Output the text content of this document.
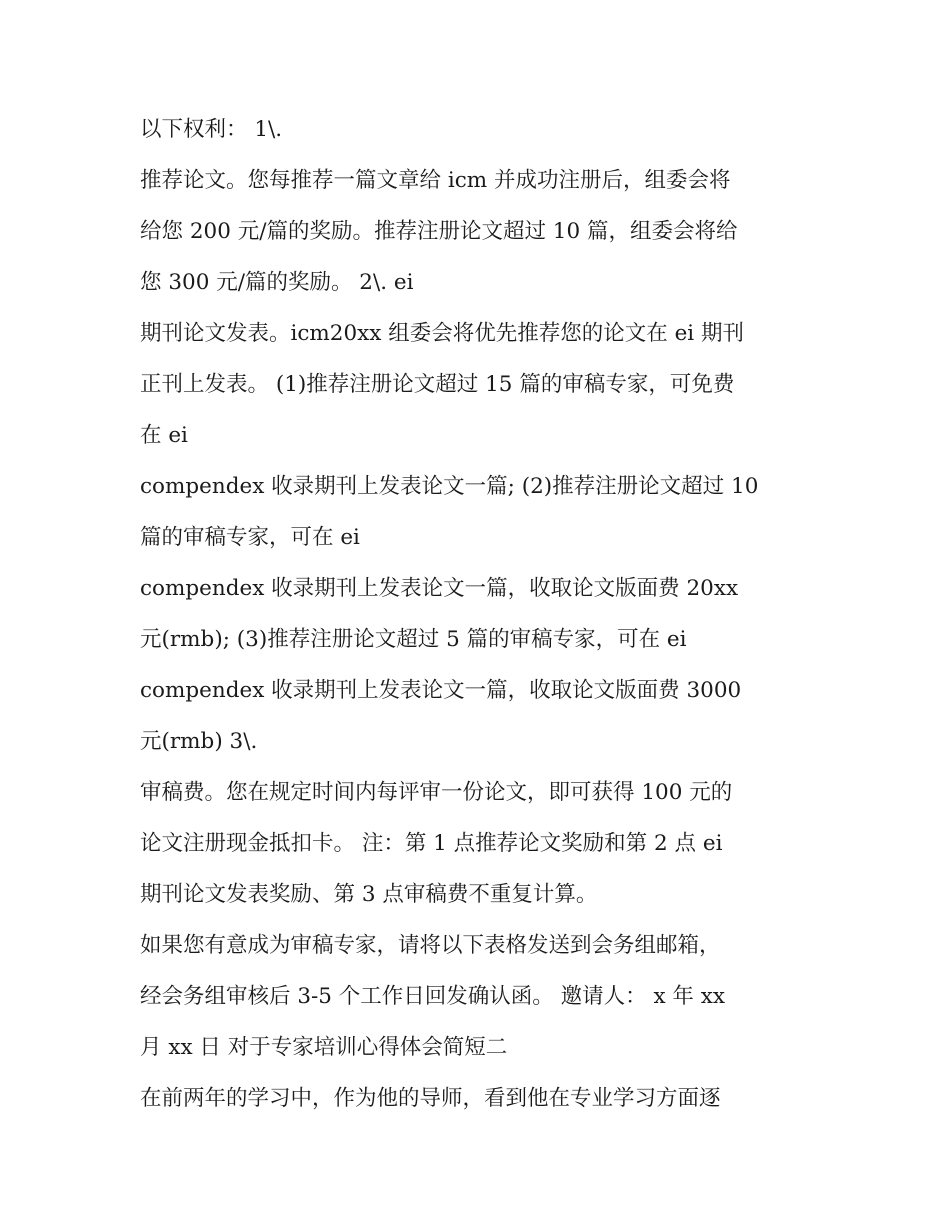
以下权利： 1\.
推荐论文。您每推荐一篇文章给 icm 并成功注册后，组委会将
给您 200 元/篇的奖励。推荐注册论文超过 10 篇，组委会将给
您 300 元/篇的奖励。 2\. ei
期刊论文发表。icm20xx 组委会将优先推荐您的论文在 ei 期刊
正刊上发表。 (1)推荐注册论文超过 15 篇的审稿专家，可免费
在 ei
compendex 收录期刊上发表论文一篇; (2)推荐注册论文超过 10
篇的审稿专家，可在 ei
compendex 收录期刊上发表论文一篇，收取论文版面费 20xx
元(rmb); (3)推荐注册论文超过 5 篇的审稿专家，可在 ei
compendex 收录期刊上发表论文一篇，收取论文版面费 3000
元(rmb) 3\.
审稿费。您在规定时间内每评审一份论文，即可获得 100 元的
论文注册现金抵扣卡。 注：第 1 点推荐论文奖励和第 2 点 ei
期刊论文发表奖励、第 3 点审稿费不重复计算。
如果您有意成为审稿专家，请将以下表格发送到会务组邮箱，
经会务组审核后 3-5 个工作日回发确认函。 邀请人： x 年 xx
月 xx 日 对于专家培训心得体会简短二
在前两年的学习中，作为他的导师，看到他在专业学习方面逐
